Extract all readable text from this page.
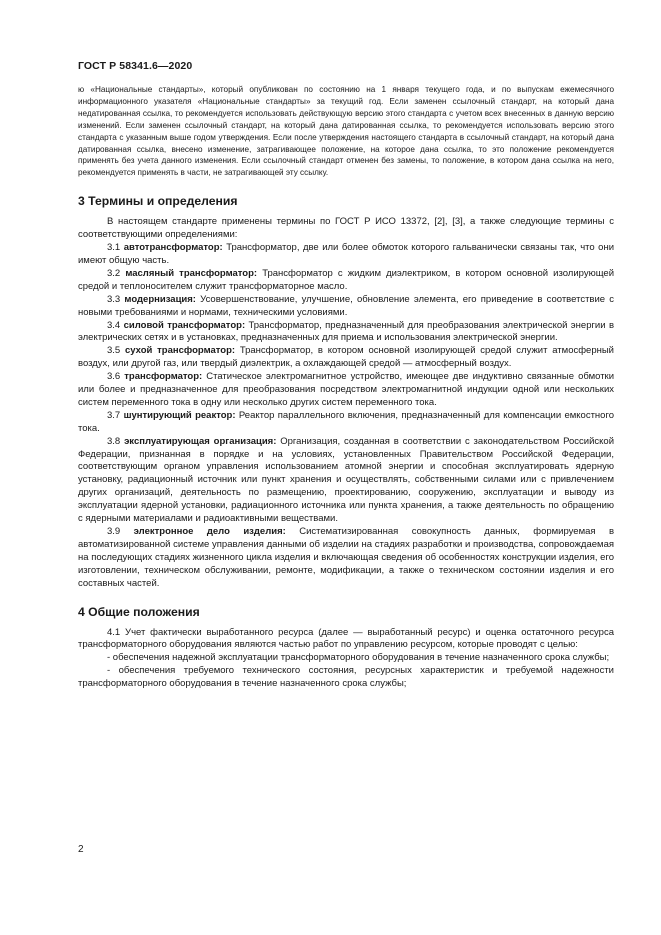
ГОСТ Р 58341.6—2020

ю «Национальные стандарты», который опубликован по состоянию на 1 января текущего года, и по выпускам ежемесячного информационного указателя «Национальные стандарты» за текущий год. Если заменен ссылочный стандарт, на который дана недатированная ссылка, то рекомендуется использовать действующую версию этого стандарта с учетом всех внесенных в данную версию изменений. Если заменен ссылочный стандарт, на который дана датированная ссылка, то рекомендуется использовать версию этого стандарта с указанным выше годом утверждения. Если после утверждения настоящего стандарта в ссылочный стандарт, на который дана датированная ссылка, внесено изменение, затрагивающее положение, на которое дана ссылка, то это положение рекомендуется применять без учета данного изменения. Если ссылочный стандарт отменен без замены, то положение, в котором дана ссылка на него, рекомендуется применять в части, не затрагивающей эту ссылку.

3 Термины и определения

В настоящем стандарте применены термины по ГОСТ Р ИСО 13372, [2], [3], а также следующие термины с соответствующими определениями:

3.1 автотрансформатор: Трансформатор, две или более обмоток которого гальванически связаны так, что они имеют общую часть.

3.2 масляный трансформатор: Трансформатор с жидким диэлектриком, в котором основной изолирующей средой и теплоносителем служит трансформаторное масло.

3.3 модернизация: Усовершенствование, улучшение, обновление элемента, его приведение в соответствие с новыми требованиями и нормами, техническими условиями.

3.4 силовой трансформатор: Трансформатор, предназначенный для преобразования электрической энергии в электрических сетях и в установках, предназначенных для приема и использования электрической энергии.

3.5 сухой трансформатор: Трансформатор, в котором основной изолирующей средой служит атмосферный воздух, или другой газ, или твердый диэлектрик, а охлаждающей средой — атмосферный воздух.

3.6 трансформатор: Статическое электромагнитное устройство, имеющее две индуктивно связанные обмотки или более и предназначенное для преобразования посредством электромагнитной индукции одной или нескольких систем переменного тока в одну или несколько других систем переменного тока.

3.7 шунтирующий реактор: Реактор параллельного включения, предназначенный для компенсации емкостного тока.

3.8 эксплуатирующая организация: Организация, созданная в соответствии с законодательством Российской Федерации, признанная в порядке и на условиях, установленных Правительством Российской Федерации, соответствующим органом управления использованием атомной энергии и способная эксплуатировать ядерную установку, радиационный источник или пункт хранения и осуществлять, собственными силами или с привлечением других организаций, деятельность по размещению, проектированию, сооружению, эксплуатации и выводу из эксплуатации ядерной установки, радиационного источника или пункта хранения, а также деятельность по обращению с ядерными материалами и радиоактивными веществами.

3.9 электронное дело изделия: Систематизированная совокупность данных, формируемая в автоматизированной системе управления данными об изделии на стадиях разработки и производства, сопровождаемая на последующих стадиях жизненного цикла изделия и включающая сведения об особенностях конструкции изделия, его изготовлении, техническом обслуживании, ремонте, модификации, а также о техническом состоянии изделия и его составных частей.

4 Общие положения

4.1 Учет фактически выработанного ресурса (далее — выработанный ресурс) и оценка остаточного ресурса трансформаторного оборудования являются частью работ по управлению ресурсом, которые проводят с целью:

- обеспечения надежной эксплуатации трансформаторного оборудования в течение назначенного срока службы;

- обеспечения требуемого технического состояния, ресурсных характеристик и требуемой надежности трансформаторного оборудования в течение назначенного срока службы;

2
